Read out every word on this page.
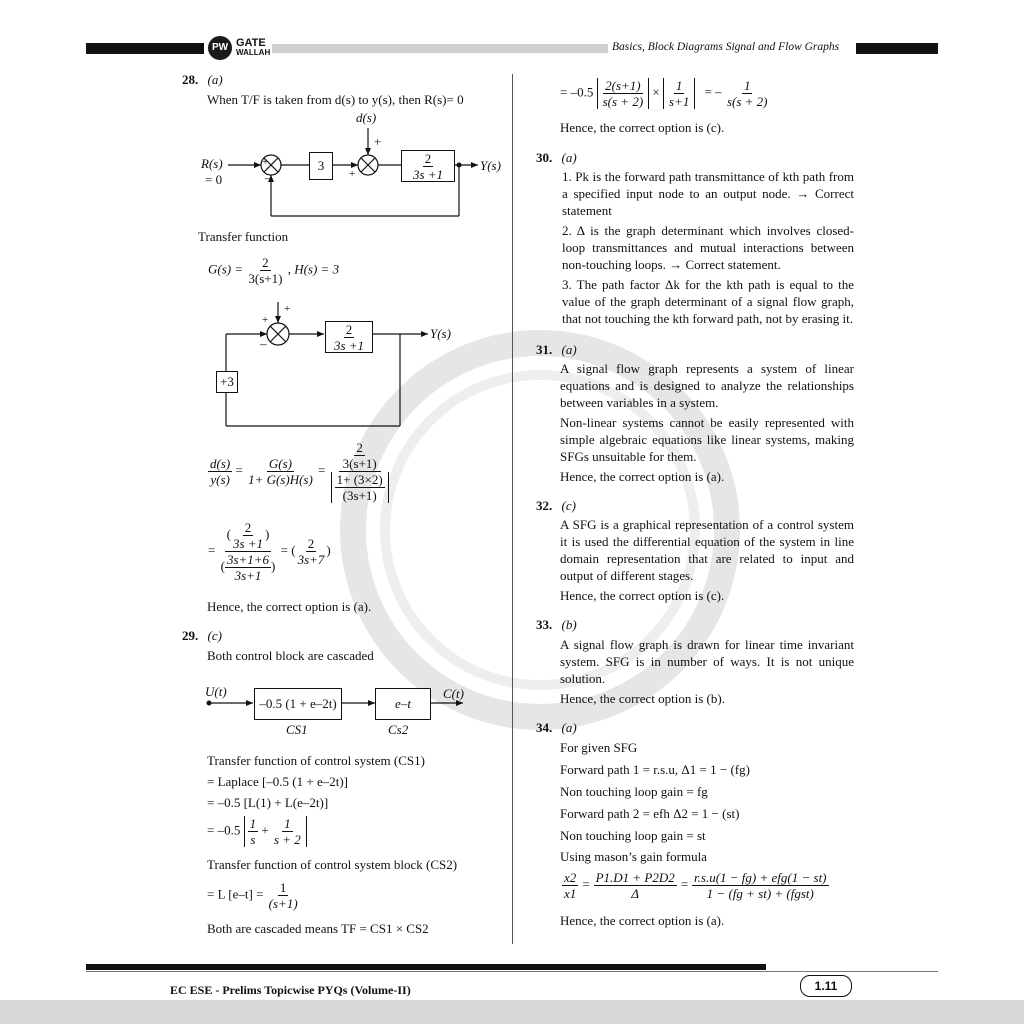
PW GATE
WALLAH	Basics, Block Diagrams Signal and Flow Graphs
28. (a)
When T/F is taken from d(s) to y(s), then R(s)= 0
d(s)
+
R(s)
= 0
+
–	+
3	$\frac{2}{3s +1}$	Y(s)
Transfer function
$G(s) = \frac{2}{3(s+1)}$ , H(s) = 3
+
+
–	$\frac{2}{3s +1}$	Y(s)
+3
$\frac{d(s)}{y(s)} = \frac{G(s)}{1+ G(s)H(s)} = \frac{\frac{2}{3(s+1)}}{\frac{1+ (3\times 2)}{(3s+1)}}$
= $\frac{( \frac{2}{3s +1} )}{( \frac{3s+1+6}{3s+1} )}$ = ( $\frac{2}{3s+7}$ )
Hence, the correct option is (a).
29. (c)
Both control block are cascaded
U(t)	C(t)
–0.5 (1 + e–2t)	e–t
CS1	Cs2
Transfer function of control system (CS1)
= Laplace [–0.5 (1 + e–2t)]
= –0.5 [L(1) + L(e–2t)]
= $-0.5 \frac{1}{s} + \frac{1}{s + 2}$
Transfer function of control system block (CS2)
= L $[e-t] = \frac{1}{(s+1)}$
Both are cascaded means TF = CS1 × CS2
= $-0.5 \frac{2(s+1)}{s(s + 2)} \times \frac{1}{s+1}$ = – $\frac{1}{s(s + 2)}$
Hence, the correct option is (c).
30. (a)
1. Pk is the forward path transmittance of kth path from a specified input node to an output node. → Correct statement
2. Δ is the graph determinant which involves closed-loop transmittances and mutual interactions between non-touching loops. → Correct statement.
3. The path factor Δk for the kth path is equal to the value of the graph determinant of a signal flow graph, that not touching the kth forward path, not by erasing it.
31. (a)
A signal flow graph represents a system of linear equations and is designed to analyze the relationships between variables in a system.
Non-linear systems cannot be easily represented with simple algebraic equations like linear systems, making SFGs unsuitable for them.
Hence, the correct option is (a).
32. (c)
A SFG is a graphical representation of a control system it is used the differential equation of the system in line domain representation that are related to input and output of different stages.
Hence, the correct option is (c).
33. (b)
A signal flow graph is drawn for linear time invariant system. SFG is in number of ways. It is not unique solution.
Hence, the correct option is (b).
34. (a)
For given SFG
Forward path 1 = r.s.u, Δ1 = 1 − (fg)
Non touching loop gain = fg
Forward path 2 = efh Δ2 = 1 − (st)
Non touching loop gain = st
Using mason’s gain formula
$\frac{x2}{x1} = \frac{P1.D1 + P2D2}{\Delta} = \frac{\text{r.s.u(1 − fg) + efg(1 − st)}}{\text{1 − (fg + st) + (fgst)}}$
Hence, the correct option is (a).
EC ESE - Prelims Topicwise PYQs (Volume-II)	1.11
